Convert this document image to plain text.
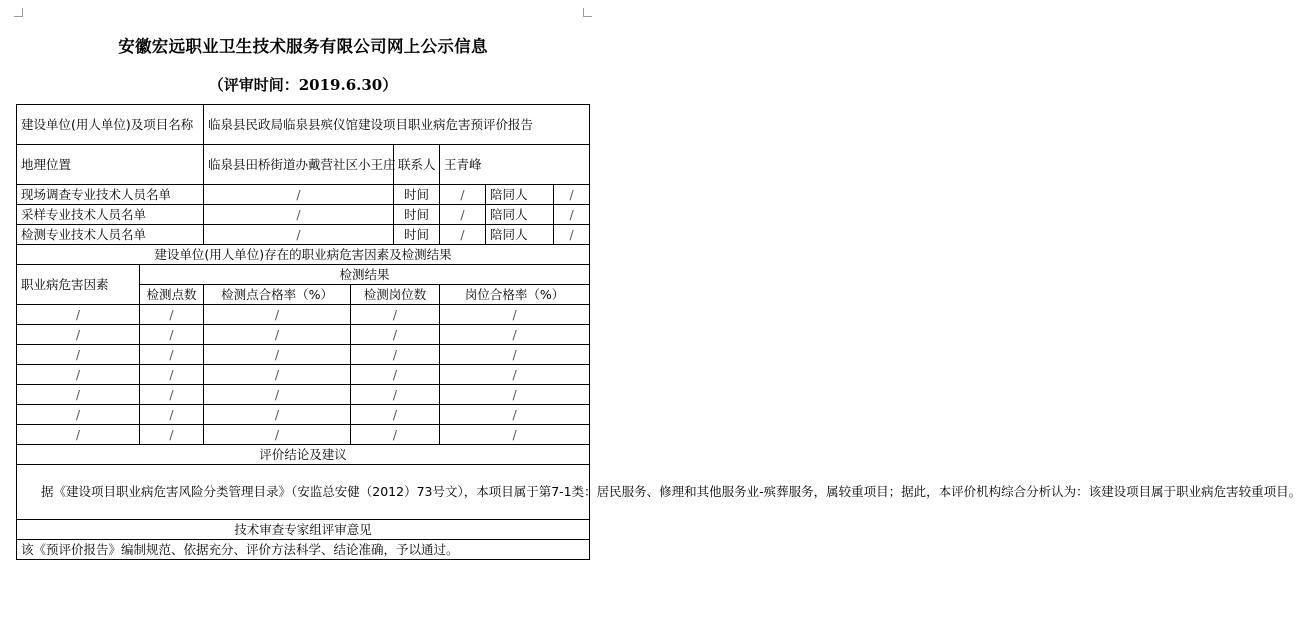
安徽宏远职业卫生技术服务有限公司网上公示信息
（评审时间：2019.6.30）
建设单位(用人单位)及项目名称		临泉县民政局临泉县殡仪馆建设项目职业病危害预评价报告					
地理位置		临泉县田桥街道办戴营社区小王庄		联系人	王青峰		
现场调查专业技术人员名单		/		时间	/	陪同人	/
采样专业技术人员名单		/		时间	/	陪同人	/
检测专业技术人员名单		/		时间	/	陪同人	/
建设单位(用人单位)存在的职业病危害因素及检测结果							
职业病危害因素	检测结果						
	检测点数	检测点合格率（%）	检测岗位数		岗位合格率（%）		
/	/	/	/		/		
/	/	/	/		/		
/	/	/	/		/		
/	/	/	/		/		
/	/	/	/		/		
/	/	/	/		/		
/	/	/	/		/		
评价结论及建议							
据《建设项目职业病危害风险分类管理目录》（安监总安健（2012）73号文），本项目属于第7-1类：居民服务、修理和其他服务业-殡葬服务，属较重项目；据此，本评价机构综合分析认为：该建设项目属于职业病危害较重项目。							
技术审查专家组评审意见							
该《预评价报告》编制规范、依据充分、评价方法科学、结论准确，予以通过。							
